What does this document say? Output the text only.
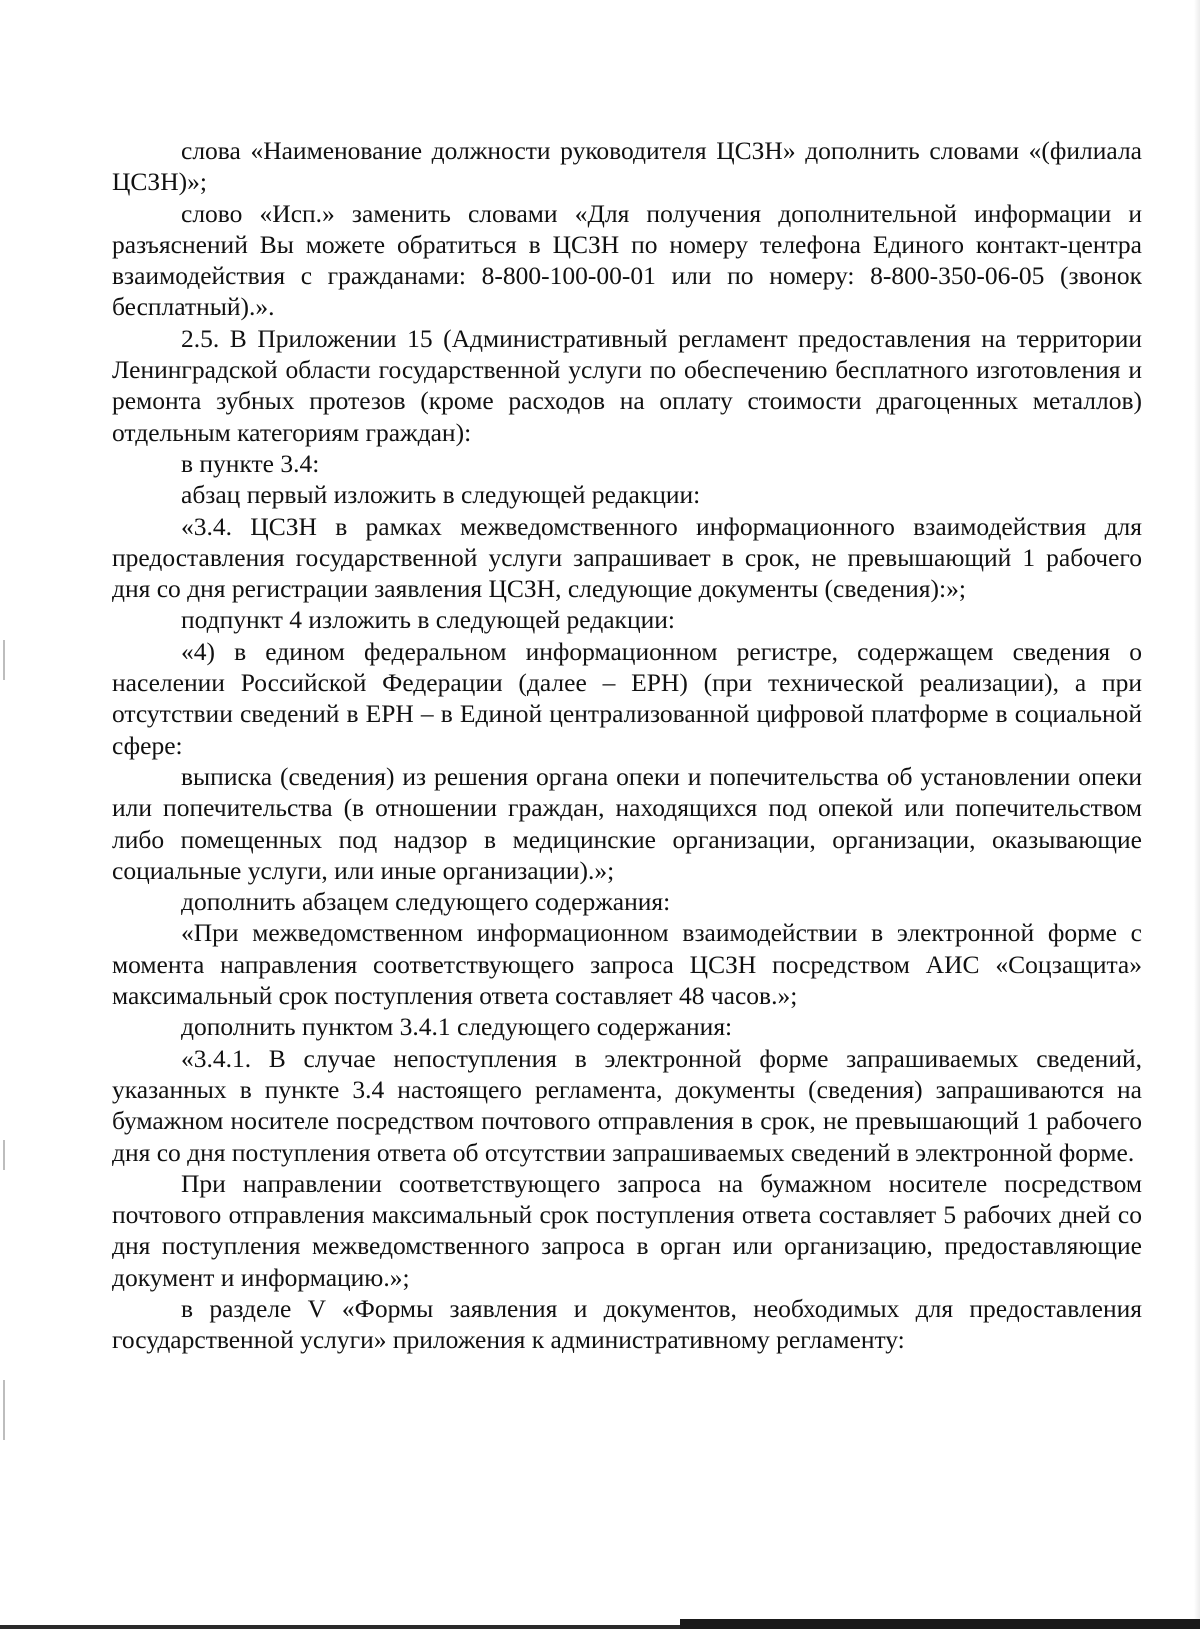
слова «Наименование должности руководителя ЦСЗН» дополнить словами «(филиала ЦСЗН)»;

слово «Исп.» заменить словами «Для получения дополнительной информации и разъяснений Вы можете обратиться в ЦСЗН по номеру телефона Единого контакт-центра взаимодействия с гражданами: 8-800-100-00-01 или по номеру: 8-800-350-06-05 (звонок бесплатный).».

2.5. В Приложении 15 (Административный регламент предоставления на территории Ленинградской области государственной услуги по обеспечению бесплатного изготовления и ремонта зубных протезов (кроме расходов на оплату стоимости драгоценных металлов) отдельным категориям граждан):

в пункте 3.4:

абзац первый изложить в следующей редакции:

«3.4. ЦСЗН в рамках межведомственного информационного взаимодействия для предоставления государственной услуги запрашивает в срок, не превышающий 1 рабочего дня со дня регистрации заявления ЦСЗН, следующие документы (сведения):»;

подпункт 4 изложить в следующей редакции:

«4) в едином федеральном информационном регистре, содержащем сведения о населении Российской Федерации (далее – ЕРН) (при технической реализации), а при отсутствии сведений в ЕРН – в Единой централизованной цифровой платформе в социальной сфере:

выписка (сведения) из решения органа опеки и попечительства об установлении опеки или попечительства (в отношении граждан, находящихся под опекой или попечительством либо помещенных под надзор в медицинские организации, организации, оказывающие социальные услуги, или иные организации).»;

дополнить абзацем следующего содержания:

«При межведомственном информационном взаимодействии в электронной форме с момента направления соответствующего запроса ЦСЗН посредством АИС «Соцзащита» максимальный срок поступления ответа составляет 48 часов.»;

дополнить пунктом 3.4.1 следующего содержания:

«3.4.1. В случае непоступления в электронной форме запрашиваемых сведений, указанных в пункте 3.4 настоящего регламента, документы (сведения) запрашиваются на бумажном носителе посредством почтового отправления в срок, не превышающий 1 рабочего дня со дня поступления ответа об отсутствии запрашиваемых сведений в электронной форме.

При направлении соответствующего запроса на бумажном носителе посредством почтового отправления максимальный срок поступления ответа составляет 5 рабочих дней со дня поступления межведомственного запроса в орган или организацию, предоставляющие документ и информацию.»;

в разделе V «Формы заявления и документов, необходимых для предоставления государственной услуги» приложения к административному регламенту:
